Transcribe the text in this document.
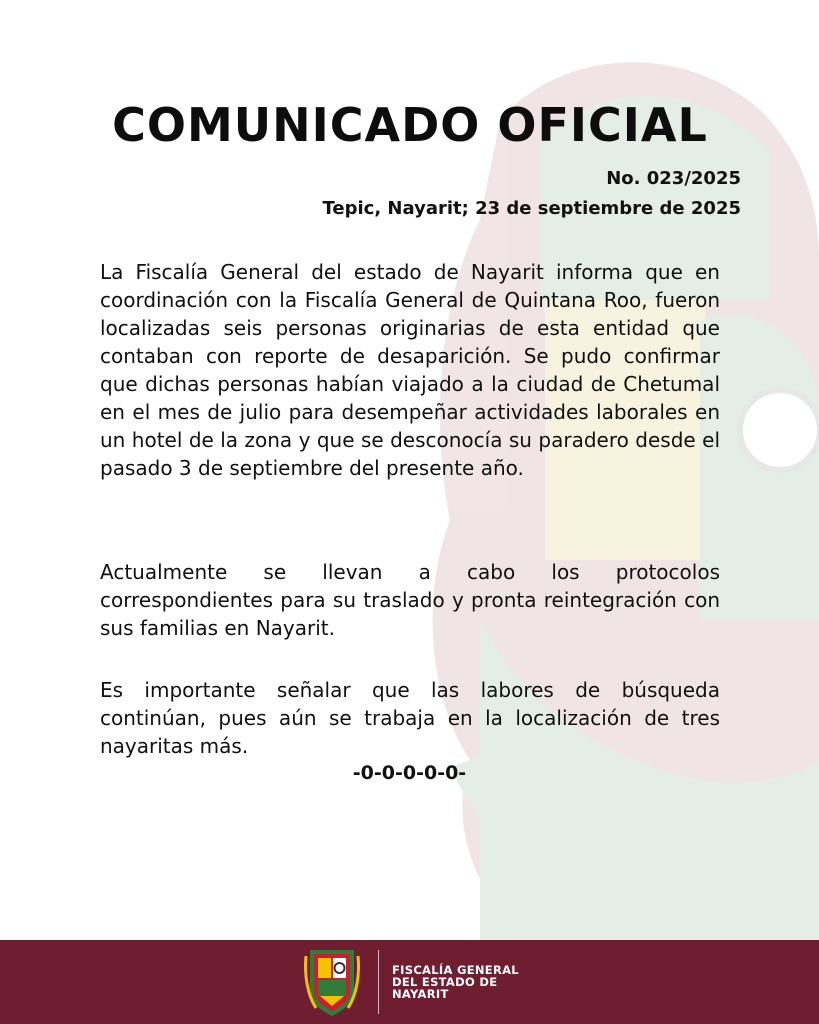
COMUNICADO OFICIAL

No. 023/2025

Tepic, Nayarit; 23 de septiembre de 2025

La Fiscalía General del estado de Nayarit informa que en coordinación con la Fiscalía General de Quintana Roo, fueron localizadas seis personas originarias de esta entidad que contaban con reporte de desaparición. Se pudo confirmar que dichas personas habían viajado a la ciudad de Chetumal en el mes de julio para desempeñar actividades laborales en un hotel de la zona y que se desconocía su paradero desde el pasado 3 de septiembre del presente año.

Actualmente se llevan a cabo los protocolos correspondientes para su traslado y pronta reintegración con sus familias en Nayarit.

Es importante señalar que las labores de búsqueda continúan, pues aún se trabaja en la localización de tres nayaritas más.

-0-0-0-0-0-

FISCALÍA GENERAL
DEL ESTADO DE
NAYARIT
